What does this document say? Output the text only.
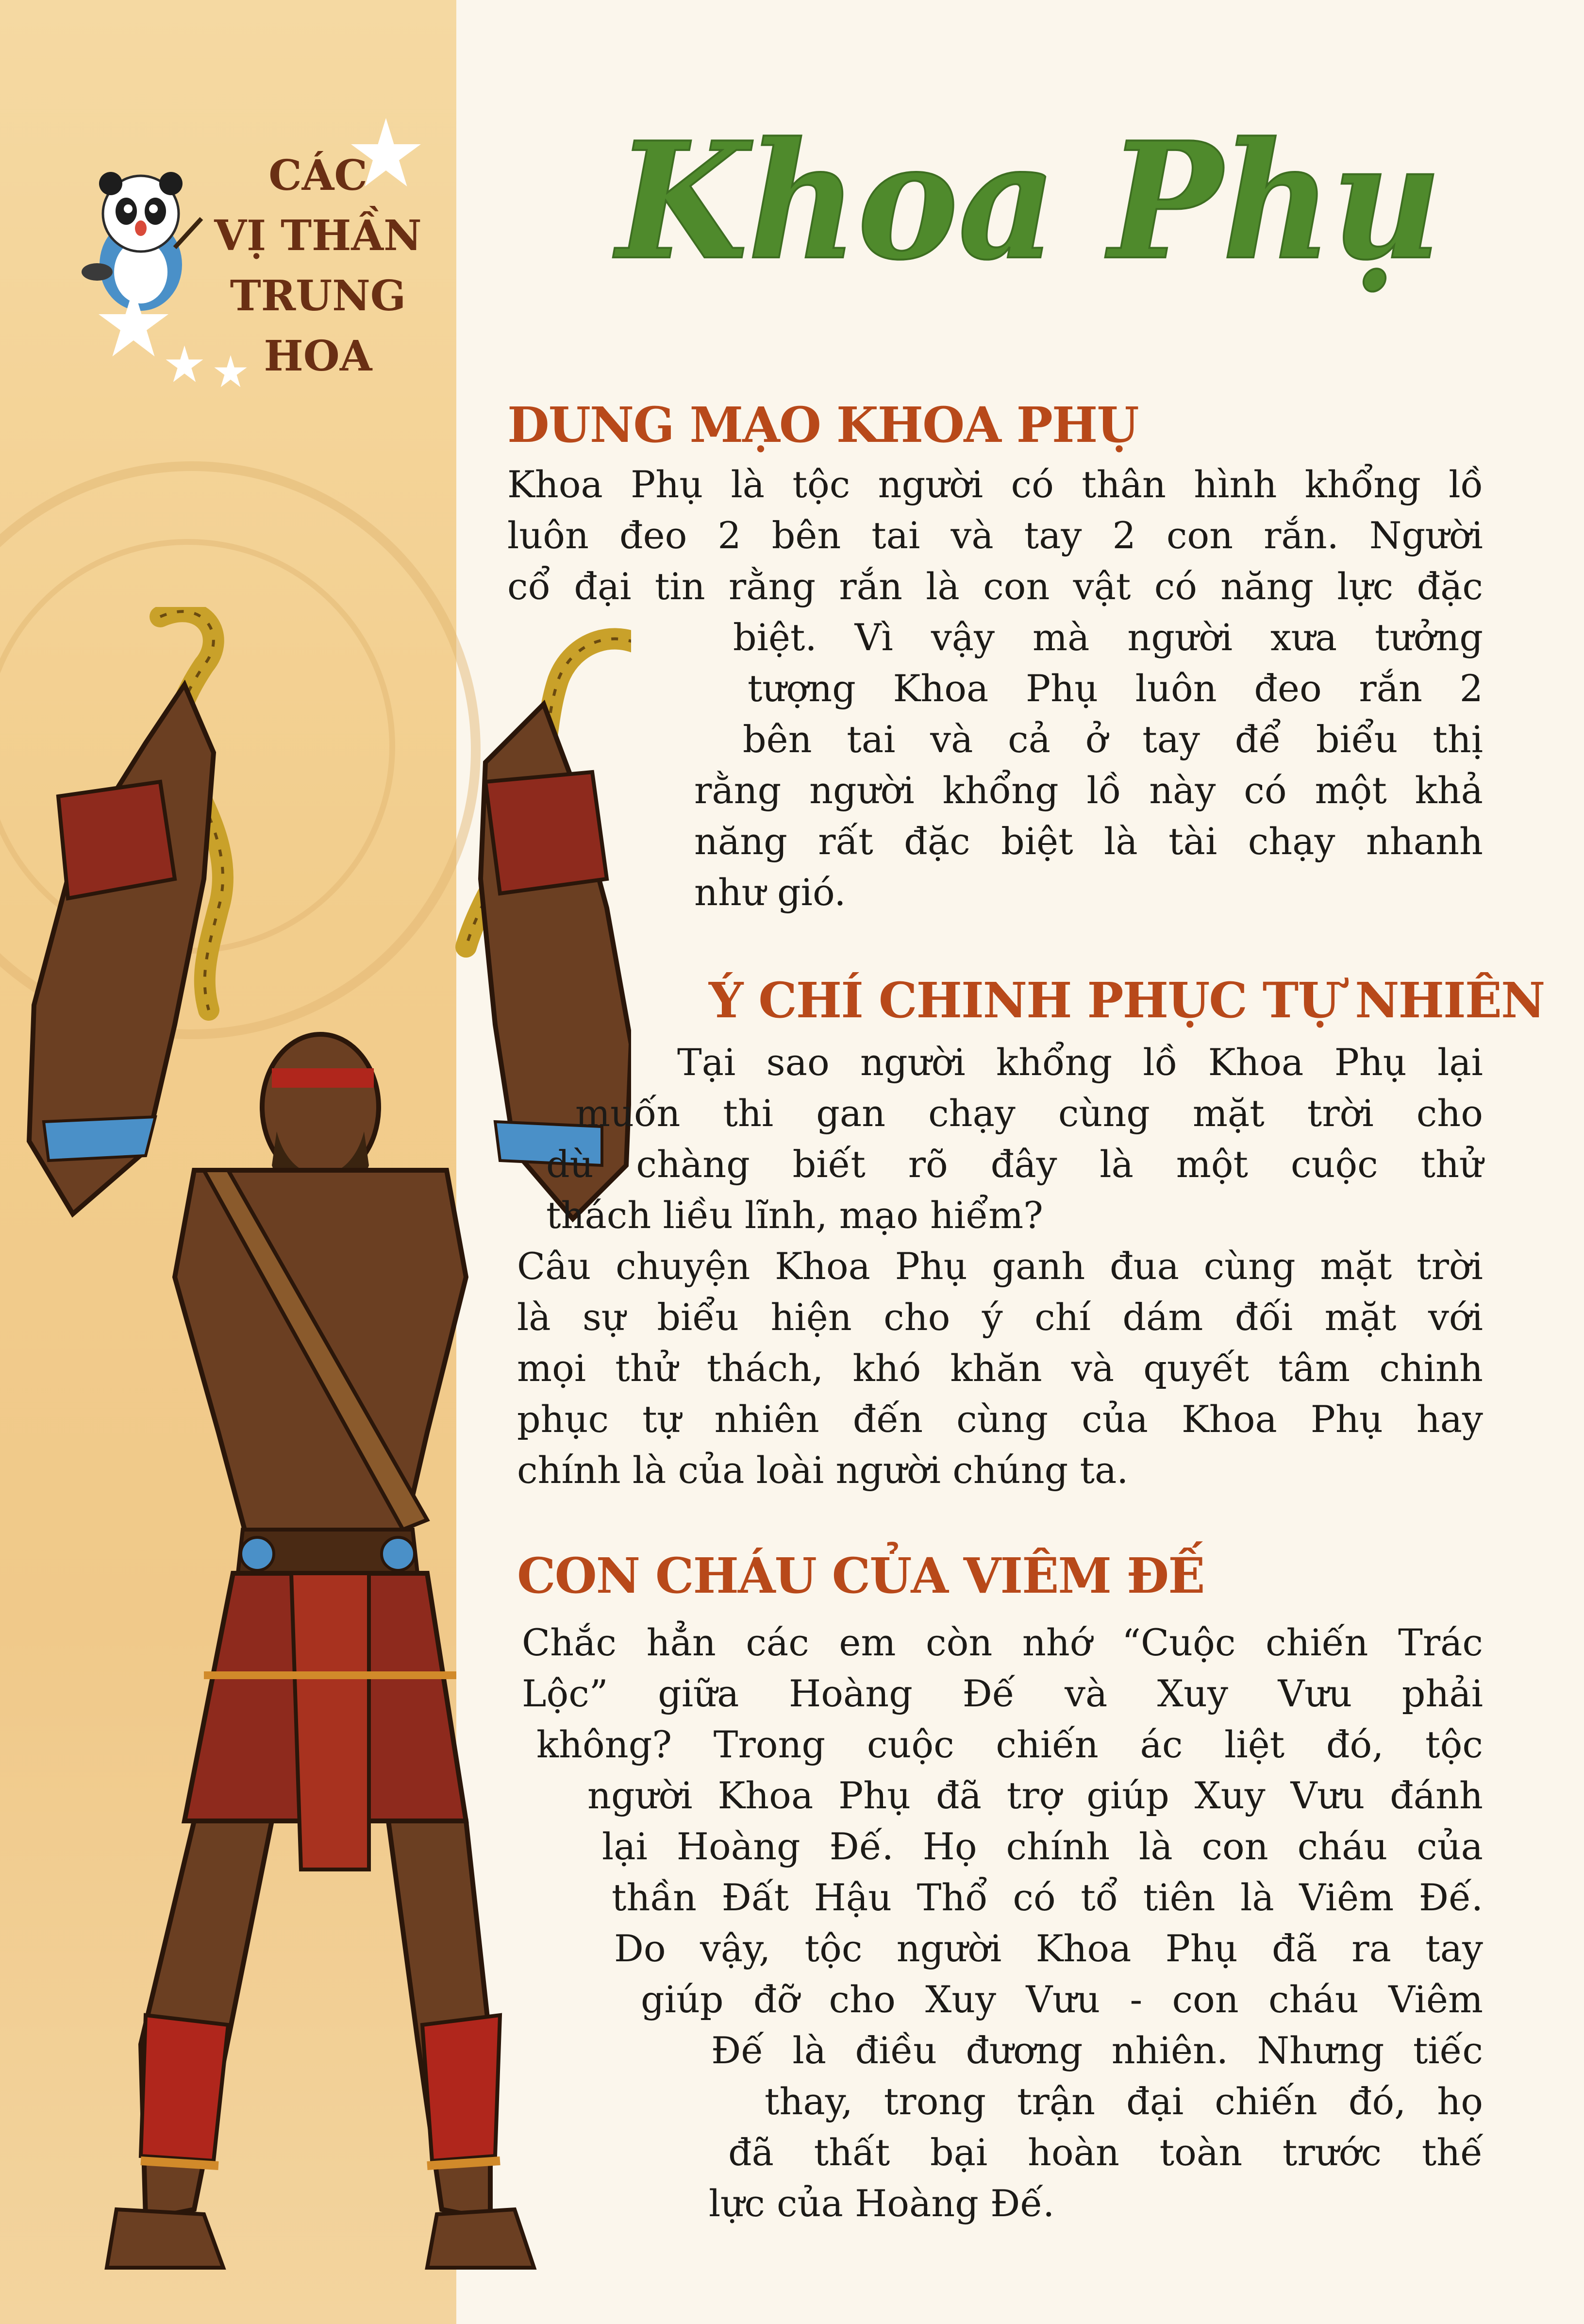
CÁC
VỊ THẦN
TRUNG
HOA
Khoa Phụ
DUNG MẠO KHOA PHỤ
Khoa Phụ là tộc người có thân hình khổng lồ
luôn đeo 2 bên tai và tay 2 con rắn. Người
cổ đại tin rằng rắn là con vật có năng lực đặc
biệt. Vì vậy mà người xưa tưởng
tượng Khoa Phụ luôn đeo rắn 2
bên tai và cả ở tay để biểu thị
rằng người khổng lồ này có một khả
năng rất đặc biệt là tài chạy nhanh
như gió.
Ý CHÍ CHINH PHỤC TỰ NHIÊN
Tại sao người khổng lồ Khoa Phụ lại
muốn thi gan chạy cùng mặt trời cho
dù chàng biết rõ đây là một cuộc thử
thách liều lĩnh, mạo hiểm?
Câu chuyện Khoa Phụ ganh đua cùng mặt trời
là sự biểu hiện cho ý chí dám đối mặt với
mọi thử thách, khó khăn và quyết tâm chinh
phục tự nhiên đến cùng của Khoa Phụ hay
chính là của loài người chúng ta.
CON CHÁU CỦA VIÊM ĐẾ
Chắc hẳn các em còn nhớ “Cuộc chiến Trác
Lộc” giữa Hoàng Đế và Xuy Vưu phải
không? Trong cuộc chiến ác liệt đó, tộc
người Khoa Phụ đã trợ giúp Xuy Vưu đánh
lại Hoàng Đế. Họ chính là con cháu của
thần Đất Hậu Thổ có tổ tiên là Viêm Đế.
Do vậy, tộc người Khoa Phụ đã ra tay
giúp đỡ cho Xuy Vưu - con cháu Viêm
Đế là điều đương nhiên. Nhưng tiếc
thay, trong trận đại chiến đó, họ
đã thất bại hoàn toàn trước thế
lực của Hoàng Đế.
